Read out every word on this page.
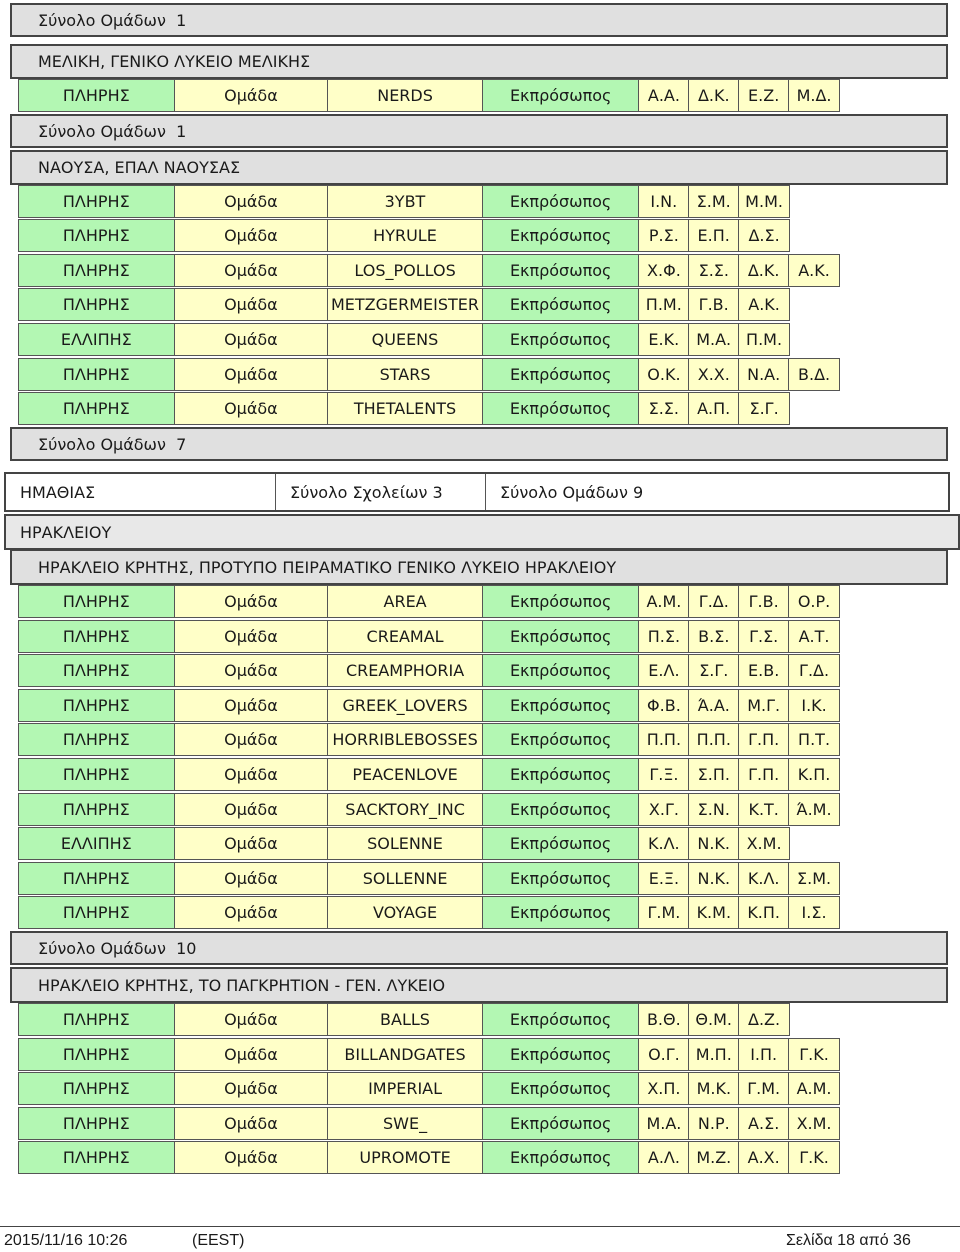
Σύνολο Ομάδων
1
ΜΕΛΙΚΗ, ΓΕΝΙΚΟ ΛΥΚΕΙΟ ΜΕΛΙΚΗΣ
ΠΛΗΡΗΣ	Ομάδα	NERDS	Εκπρόσωπος	Α.Α.	Δ.Κ.	Ε.Ζ.	Μ.Δ.
Σύνολο Ομάδων
1
ΝΑΟΥΣΑ, ΕΠΑΛ ΝΑΟΥΣΑΣ
ΠΛΗΡΗΣ	Ομάδα	3YBT	Εκπρόσωπος	Ι.Ν.	Σ.Μ. Μ.Μ.
ΠΛΗΡΗΣ	Ομάδα	HYRULE	Εκπρόσωπος	Ρ.Σ.	Ε.Π.	Δ.Σ.
ΠΛΗΡΗΣ	Ομάδα	LOS_POLLOS	Εκπρόσωπος	Χ.Φ.	Σ.Σ.	Δ.Κ.	Α.Κ.
ΠΛΗΡΗΣ	Ομάδα	METZGERMEISTER	Εκπρόσωπος	Π.Μ.	Γ.Β.	Α.Κ.
ΕΛΛΙΠΗΣ	Ομάδα	QUEENS	Εκπρόσωπος	Ε.Κ.	Μ.Α. Π.Μ.
ΠΛΗΡΗΣ	Ομάδα	STARS	Εκπρόσωπος	Ο.Κ.	Χ.Χ.	Ν.Α.	Β.Δ.
ΠΛΗΡΗΣ	Ομάδα	THETALENTS	Εκπρόσωπος	Σ.Σ.	Α.Π.	Σ.Γ.
Σύνολο Ομάδων
7
ΗΜΑΘΙΑΣ	Σύνολο Σχολείων 3	Σύνολο Ομάδων 9
ΗΡΑΚΛΕΙΟΥ
ΗΡΑΚΛΕΙΟ ΚΡΗΤΗΣ, ΠΡΟΤΥΠΟ ΠΕΙΡΑΜΑΤΙΚΟ ΓΕΝΙΚΟ ΛΥΚΕΙΟ ΗΡΑΚΛΕΙΟΥ
ΠΛΗΡΗΣ	Ομάδα	AREA	Εκπρόσωπος	Α.Μ.	Γ.Δ.	Γ.Β.	Ο.Ρ.
ΠΛΗΡΗΣ	Ομάδα	CREAMAL	Εκπρόσωπος	Π.Σ.	Β.Σ.	Γ.Σ.	Α.Τ.
ΠΛΗΡΗΣ	Ομάδα	CREAMPHORIA	Εκπρόσωπος	Ε.Λ.	Σ.Γ.	Ε.Β.	Γ.Δ.
ΠΛΗΡΗΣ	Ομάδα	GREEK_LOVERS	Εκπρόσωπος	Φ.Β.	Ά.Α.	Μ.Γ.	Ι.Κ.
ΠΛΗΡΗΣ	Ομάδα	HORRIBLEBOSSES	Εκπρόσωπος	Π.Π. Π.Π.	Γ.Π.	Π.Τ.
ΠΛΗΡΗΣ	Ομάδα	PEACENLOVE	Εκπρόσωπος	Γ.Ξ.	Σ.Π.	Γ.Π.	Κ.Π.
ΠΛΗΡΗΣ	Ομάδα	SACKTORY_INC	Εκπρόσωπος	Χ.Γ.	Σ.Ν.	Κ.Τ.	Ά.Μ.
ΕΛΛΙΠΗΣ	Ομάδα	SOLENNE	Εκπρόσωπος	Κ.Λ.	Ν.Κ.	Χ.Μ.
ΠΛΗΡΗΣ	Ομάδα	SOLLENNE	Εκπρόσωπος	Ε.Ξ.	Ν.Κ.	Κ.Λ.	Σ.Μ.
ΠΛΗΡΗΣ	Ομάδα	VOYAGE	Εκπρόσωπος	Γ.Μ.	Κ.Μ.	Κ.Π.	Ι.Σ.
Σύνολο Ομάδων
10
ΗΡΑΚΛΕΙΟ ΚΡΗΤΗΣ, ΤΟ ΠΑΓΚΡΗΤΙΟΝ - ΓΕΝ. ΛΥΚΕΙΟ
ΠΛΗΡΗΣ	Ομάδα	BALLS	Εκπρόσωπος	Β.Θ. Θ.Μ.	Δ.Ζ.
ΠΛΗΡΗΣ	Ομάδα	BILLANDGATES	Εκπρόσωπος	Ο.Γ.	Μ.Π.	Ι.Π.	Γ.Κ.
ΠΛΗΡΗΣ	Ομάδα	IMPERIAL	Εκπρόσωπος	Χ.Π.	Μ.Κ.	Γ.Μ.	Α.Μ.
ΠΛΗΡΗΣ	Ομάδα	SWE_	Εκπρόσωπος	Μ.Α.	Ν.Ρ.	Α.Σ.	Χ.Μ.
ΠΛΗΡΗΣ	Ομάδα	UPROMOTE	Εκπρόσωπος	Α.Λ.	Μ.Ζ.	Α.Χ.	Γ.Κ.
2015/11/16 10:26	(EEST)	Σελίδα 18 από 36
